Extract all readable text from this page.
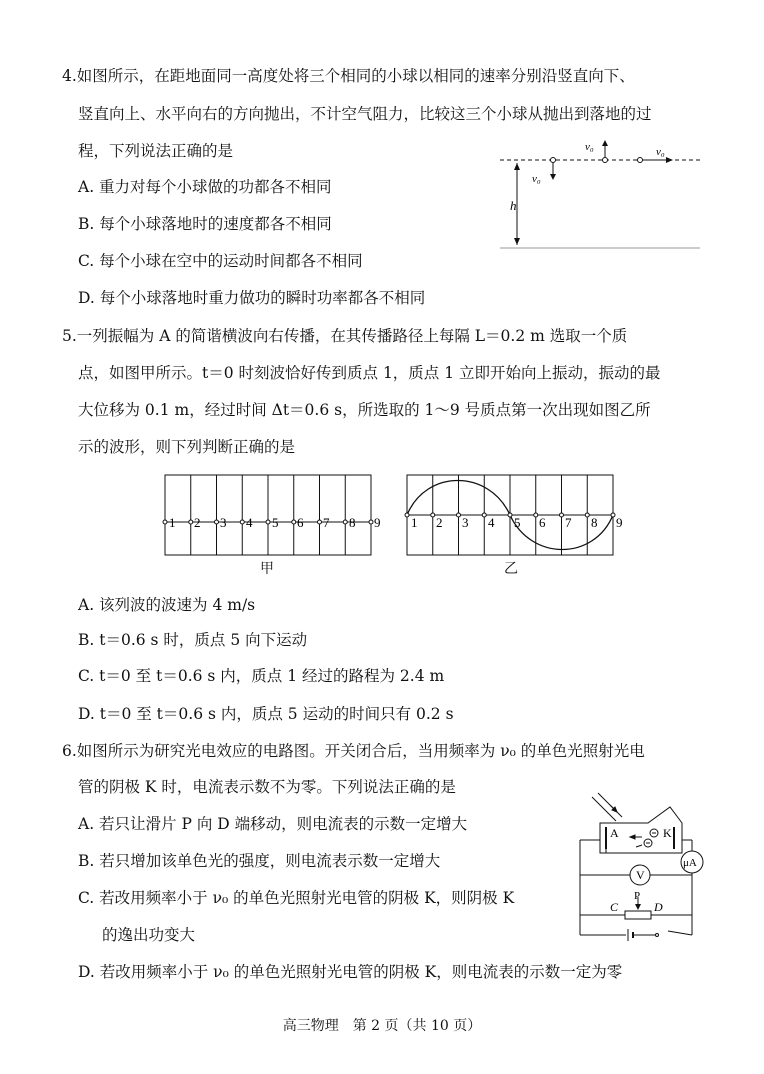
4.如图所示，在距地面同一高度处将三个相同的小球以相同的速率分别沿竖直向下、
竖直向上、水平向右的方向抛出，不计空气阻力，比较这三个小球从抛出到落地的过
程，下列说法正确的是
A. 重力对每个小球做的功都各不相同
B. 每个小球落地时的速度都各不相同
C. 每个小球在空中的运动时间都各不相同
D. 每个小球落地时重力做功的瞬时功率都各不相同
h
v₀
v₀	v₀
5.一列振幅为 A 的简谐横波向右传播，在其传播路径上每隔 L＝0.2 m 选取一个质
点，如图甲所示。t＝0 时刻波恰好传到质点 1，质点 1 立即开始向上振动，振动的最
大位移为 0.1 m，经过时间 Δt＝0.6 s，所选取的 1～9 号质点第一次出现如图乙所
示的波形，则下列判断正确的是
1 2 3 4 5 6 7 8 9
甲
1 2 3 4 5 6 7 8 9
乙
A. 该列波的波速为 4 m/s
B. t＝0.6 s 时，质点 5 向下运动
C. t＝0 至 t＝0.6 s 内，质点 1 经过的路程为 2.4 m
D. t＝0 至 t＝0.6 s 内，质点 5 运动的时间只有 0.2 s
6.如图所示为研究光电效应的电路图。开关闭合后，当用频率为 ν₀ 的单色光照射光电
管的阴极 K 时，电流表示数不为零。下列说法正确的是
A. 若只让滑片 P 向 D 端移动，则电流表的示数一定增大
B. 若只增加该单色光的强度，则电流表示数一定增大
C. 若改用频率小于 ν₀ 的单色光照射光电管的阴极 K，则阴极 K
的逸出功变大
D. 若改用频率小于 ν₀ 的单色光照射光电管的阴极 K，则电流表的示数一定为零
A	K
V
μA
P
C	D
高三物理　第 2 页（共 10 页）
